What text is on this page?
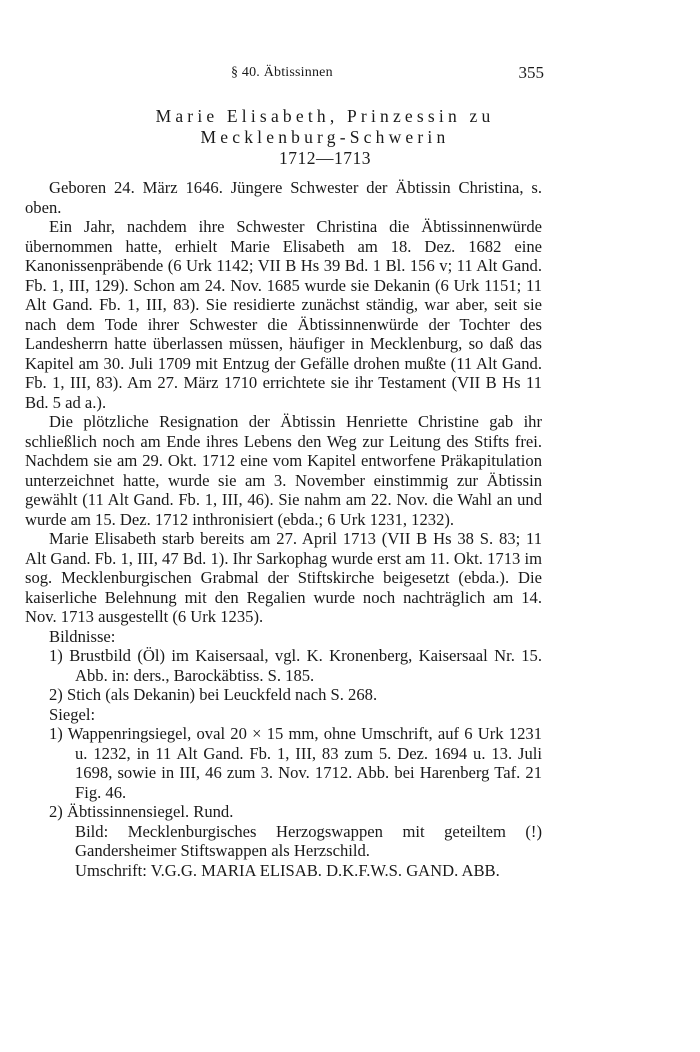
§ 40. Äbtissinnen	355
Marie Elisabeth, Prinzessin zu
Mecklenburg-Schwerin
1712—1713

Geboren 24. März 1646. Jüngere Schwester der Äbtissin Christina, s. oben.

Ein Jahr, nachdem ihre Schwester Christina die Äbtissinnenwürde übernommen hatte, erhielt Marie Elisabeth am 18. Dez. 1682 eine Kanonissenpräbende (6 Urk 1142; VII B Hs 39 Bd. 1 Bl. 156 v; 11 Alt Gand. Fb. 1, III, 129). Schon am 24. Nov. 1685 wurde sie Dekanin (6 Urk 1151; 11 Alt Gand. Fb. 1, III, 83). Sie residierte zunächst ständig, war aber, seit sie nach dem Tode ihrer Schwester die Äbtissinnenwürde der Tochter des Landesherrn hatte überlassen müssen, häufiger in Mecklenburg, so daß das Kapitel am 30. Juli 1709 mit Entzug der Gefälle drohen mußte (11 Alt Gand. Fb. 1, III, 83). Am 27. März 1710 errichtete sie ihr Testament (VII B Hs 11 Bd. 5 ad a.).

Die plötzliche Resignation der Äbtissin Henriette Christine gab ihr schließlich noch am Ende ihres Lebens den Weg zur Leitung des Stifts frei. Nachdem sie am 29. Okt. 1712 eine vom Kapitel entworfene Präkapitulation unterzeichnet hatte, wurde sie am 3. November einstimmig zur Äbtissin gewählt (11 Alt Gand. Fb. 1, III, 46). Sie nahm am 22. Nov. die Wahl an und wurde am 15. Dez. 1712 inthronisiert (ebda.; 6 Urk 1231, 1232).

Marie Elisabeth starb bereits am 27. April 1713 (VII B Hs 38 S. 83; 11 Alt Gand. Fb. 1, III, 47 Bd. 1). Ihr Sarkophag wurde erst am 11. Okt. 1713 im sog. Mecklenburgischen Grabmal der Stiftskirche beigesetzt (ebda.). Die kaiserliche Belehnung mit den Regalien wurde noch nachträglich am 14. Nov. 1713 ausgestellt (6 Urk 1235).

Bildnisse:
1) Brustbild (Öl) im Kaisersaal, vgl. K. Kronenberg, Kaisersaal Nr. 15. Abb. in: ders., Barockäbtiss. S. 185.
2) Stich (als Dekanin) bei Leuckfeld nach S. 268.
Siegel:
1) Wappenringsiegel, oval 20 × 15 mm, ohne Umschrift, auf 6 Urk 1231 u. 1232, in 11 Alt Gand. Fb. 1, III, 83 zum 5. Dez. 1694 u. 13. Juli 1698, sowie in III, 46 zum 3. Nov. 1712. Abb. bei Harenberg Taf. 21 Fig. 46.
2) Äbtissinnensiegel. Rund.
Bild: Mecklenburgisches Herzogswappen mit geteiltem (!) Gandersheimer Stiftswappen als Herzschild.
Umschrift: V.G.G. MARIA ELISAB. D.K.F.W.S. GAND. ABB.
